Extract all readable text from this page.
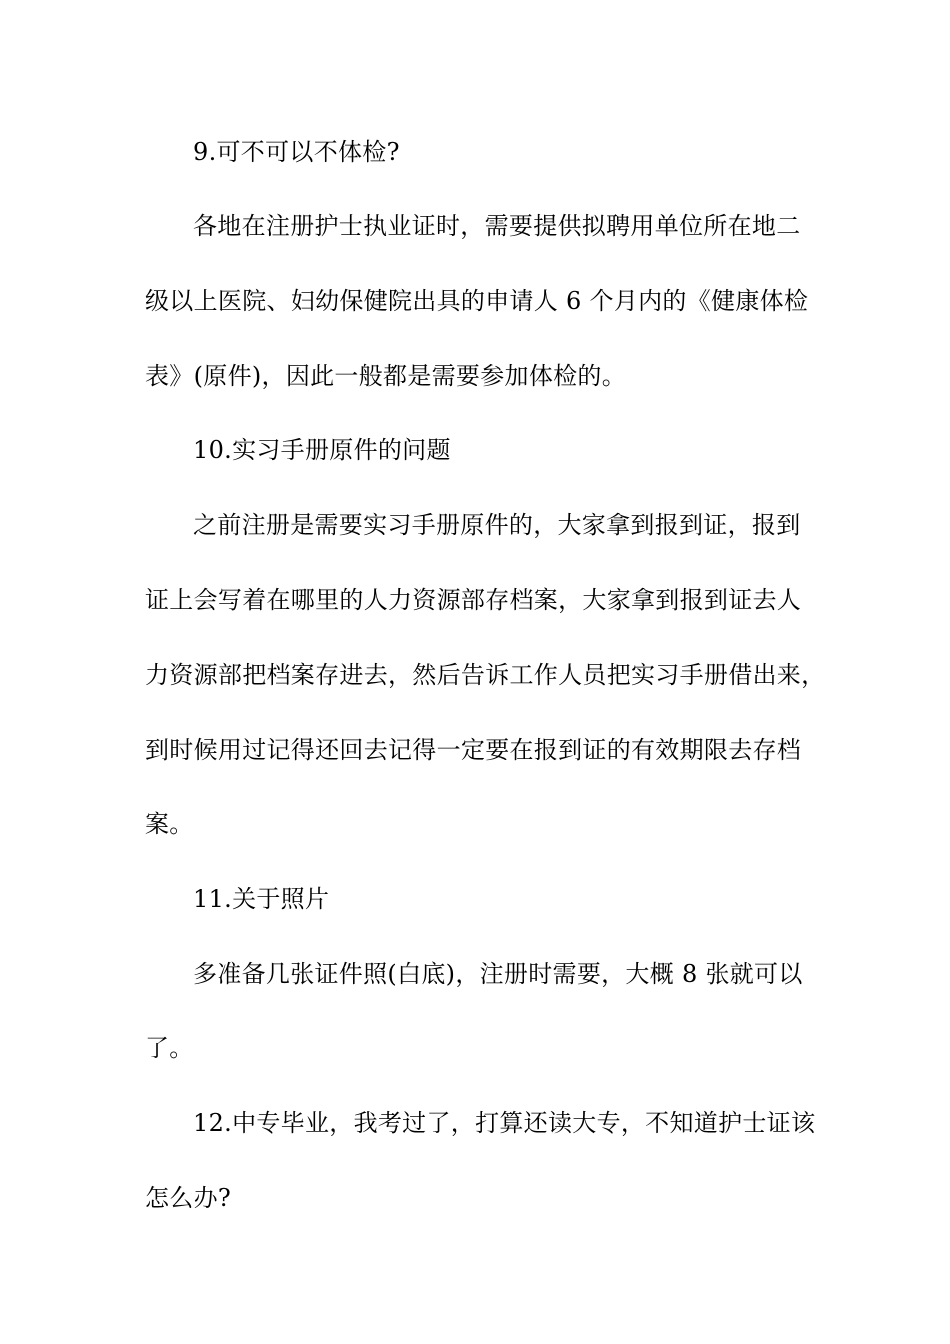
9.可不可以不体检?
各地在注册护士执业证时，需要提供拟聘用单位所在地二
级以上医院、妇幼保健院出具的申请人 6 个月内的《健康体检
表》(原件)，因此一般都是需要参加体检的。
10.实习手册原件的问题
之前注册是需要实习手册原件的，大家拿到报到证，报到
证上会写着在哪里的人力资源部存档案，大家拿到报到证去人
力资源部把档案存进去，然后告诉工作人员把实习手册借出来，
到时候用过记得还回去记得一定要在报到证的有效期限去存档
案。
11.关于照片
多准备几张证件照(白底)，注册时需要，大概 8 张就可以
了。
12.中专毕业，我考过了，打算还读大专，不知道护士证该
怎么办?
